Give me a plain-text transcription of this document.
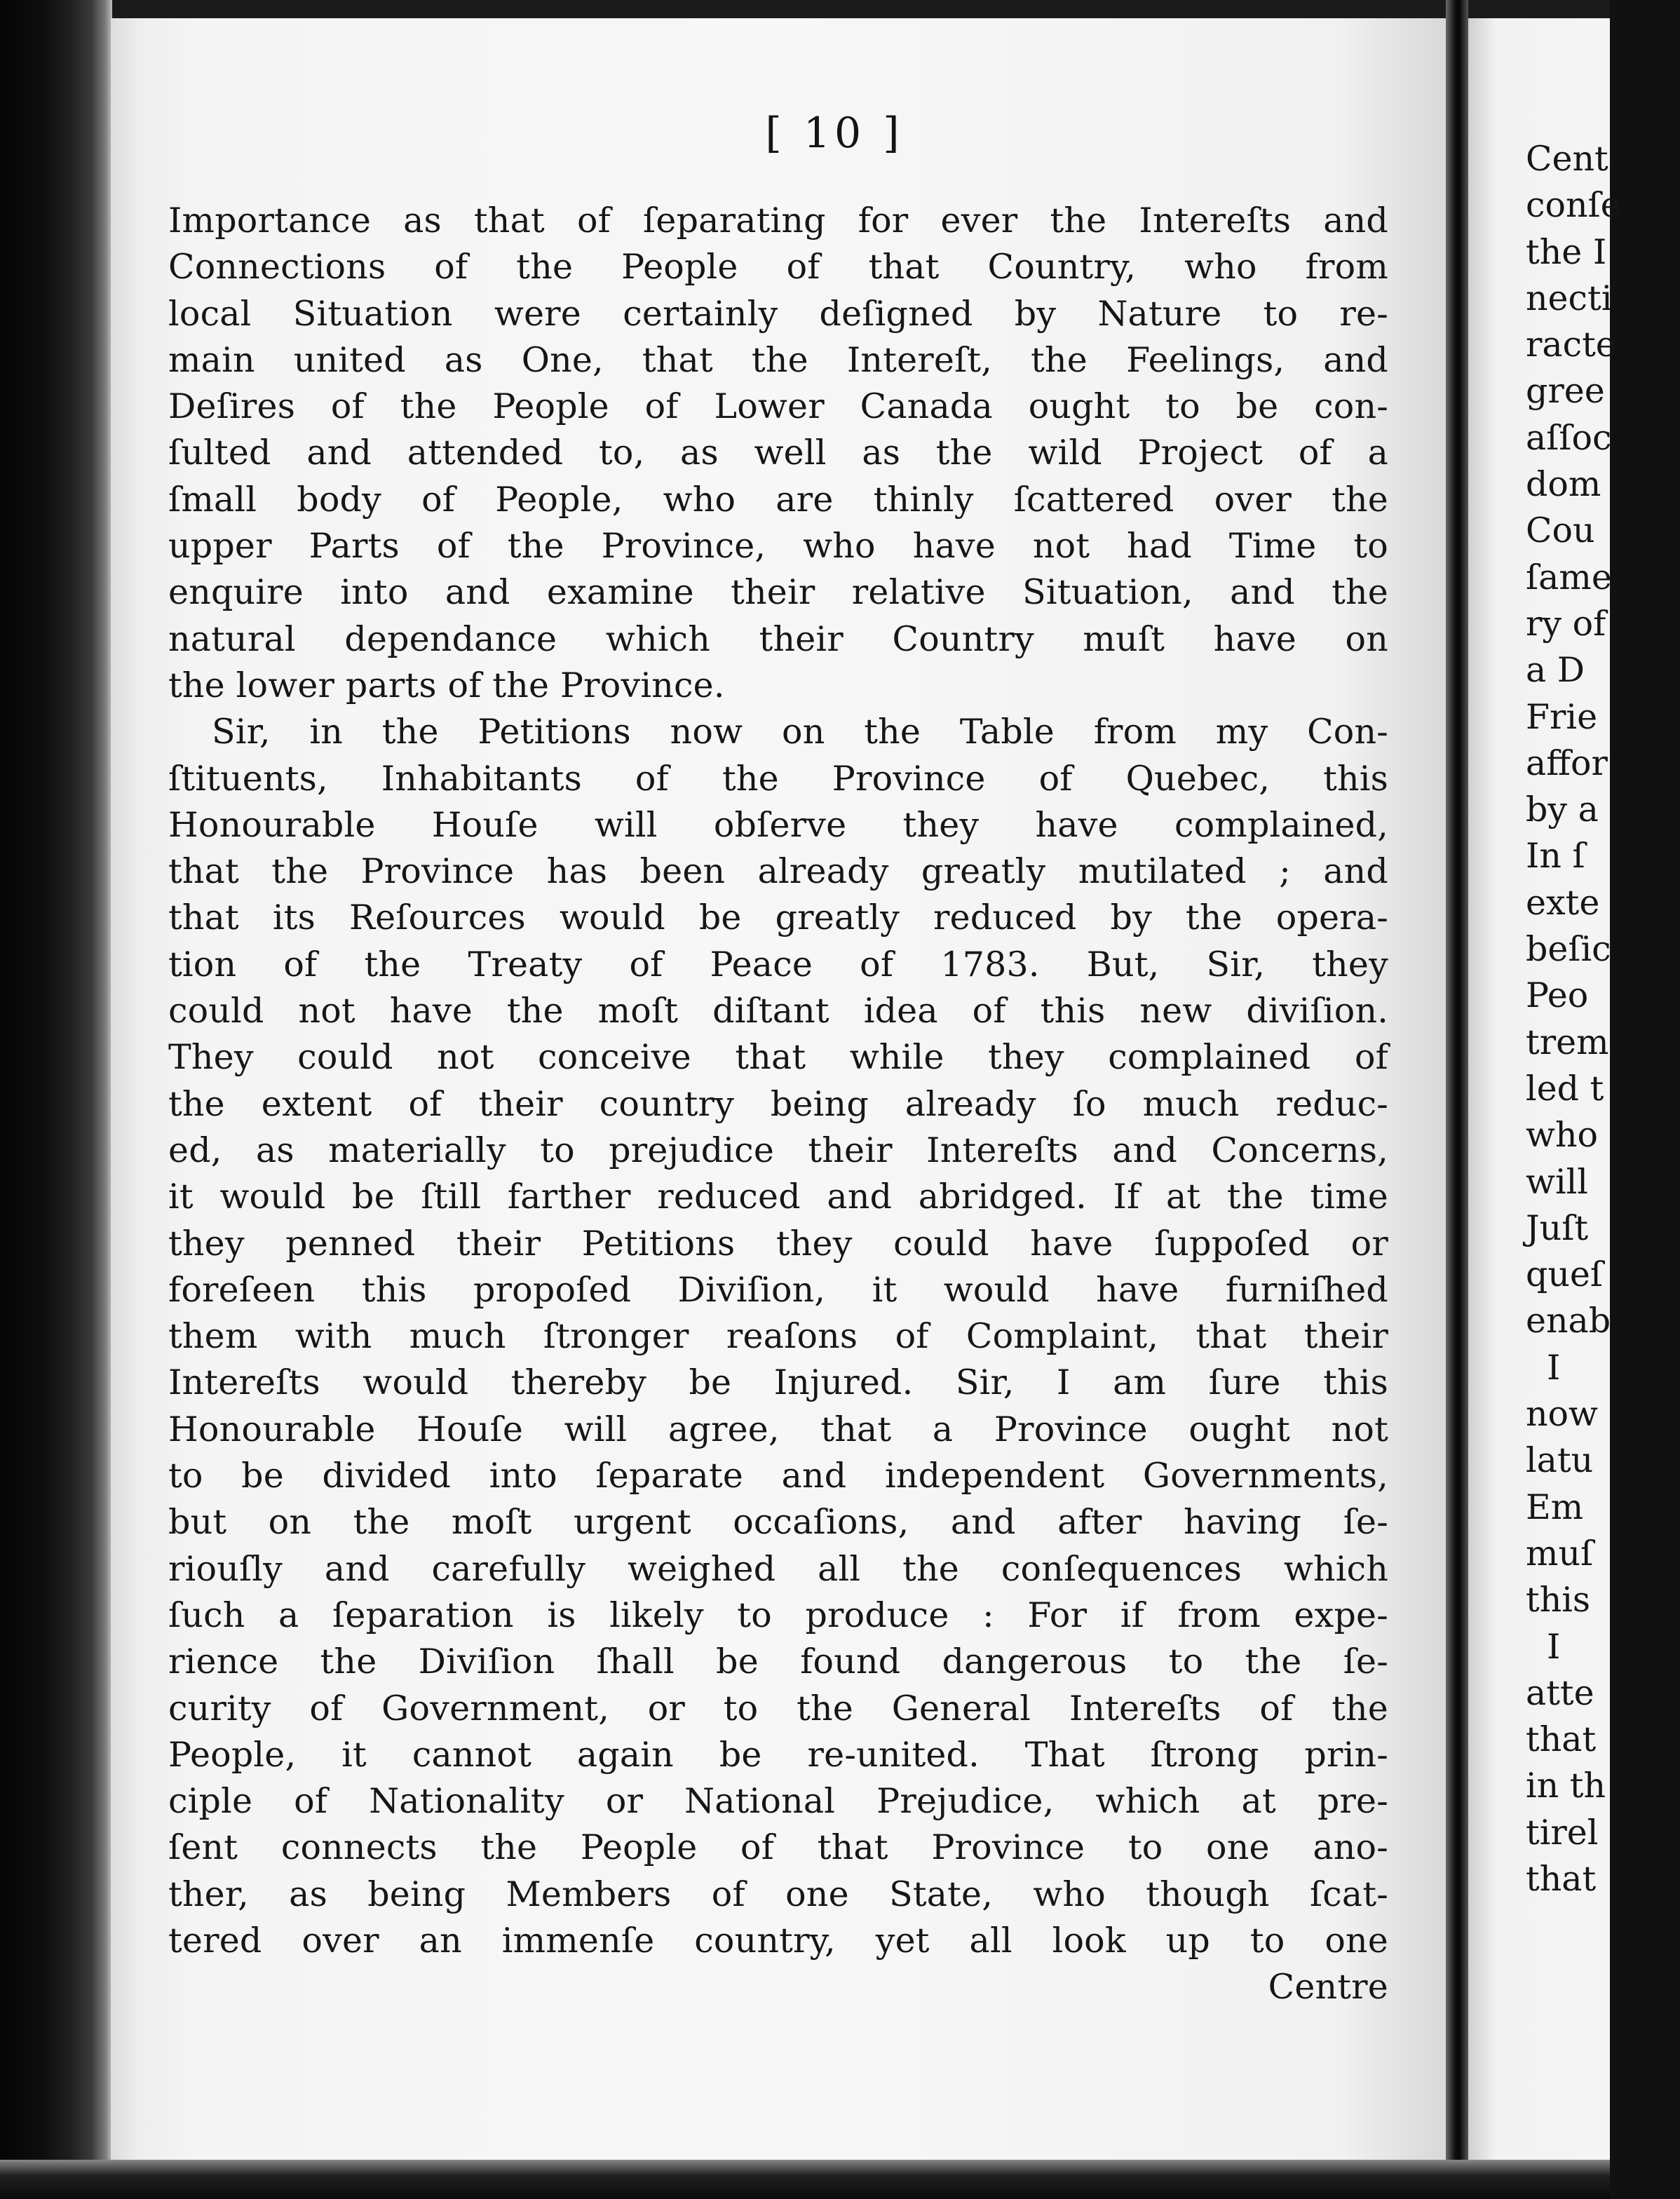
[ 10 ]
Importance as that of ſeparating for ever the Intereſts and
Connections of the People of that Country, who from
local Situation were certainly deſigned by Nature to re-
main united as One, that the Intereſt, the Feelings, and
Deſires of the People of Lower Canada ought to be con-
ſulted and attended to, as well as the wild Project of a
ſmall body of People, who are thinly ſcattered over the
upper Parts of the Province, who have not had Time to
enquire into and examine their relative Situation, and the
natural dependance which their Country muſt have on
the lower parts of the Province.
Sir, in the Petitions now on the Table from my Con-
ſtituents, Inhabitants of the Province of Quebec, this
Honourable Houſe will obſerve they have complained,
that the Province has been already greatly mutilated ; and
that its Reſources would be greatly reduced by the opera-
tion of the Treaty of Peace of 1783. But, Sir, they
could not have the moſt diſtant idea of this new diviſion.
They could not conceive that while they complained of
the extent of their country being already ſo much reduc-
ed, as materially to prejudice their Intereſts and Concerns,
it would be ſtill farther reduced and abridged. If at the time
they penned their Petitions they could have ſuppoſed or
foreſeen this propoſed Diviſion, it would have furniſhed
them with much ſtronger reaſons of Complaint, that their
Intereſts would thereby be Injured. Sir, I am ſure this
Honourable Houſe will agree, that a Province ought not
to be divided into ſeparate and independent Governments,
but on the moſt urgent occaſions, and after having ſe-
riouſly and carefully weighed all the conſequences which
ſuch a ſeparation is likely to produce : For if from expe-
rience the Diviſion ſhall be found dangerous to the ſe-
curity of Government, or to the General Intereſts of the
People, it cannot again be re-united. That ſtrong prin-
ciple of Nationality or National Prejudice, which at pre-
ſent connects the People of that Province to one ano-
ther, as being Members of one State, who though ſcat-
tered over an immenſe country, yet all look up to one
Centre
Cent
conſe
the I
necti
racte
gree
aſſoc
dom
Cou
ſame
ry of
a D
Frie
affor
by a
In ſ
exte
beſic
Peo
trem
led t
who
will
Juſt
queſ
enab
I
now
latu
Em
muſ
this
I
atte
that
in th
tirel
that
